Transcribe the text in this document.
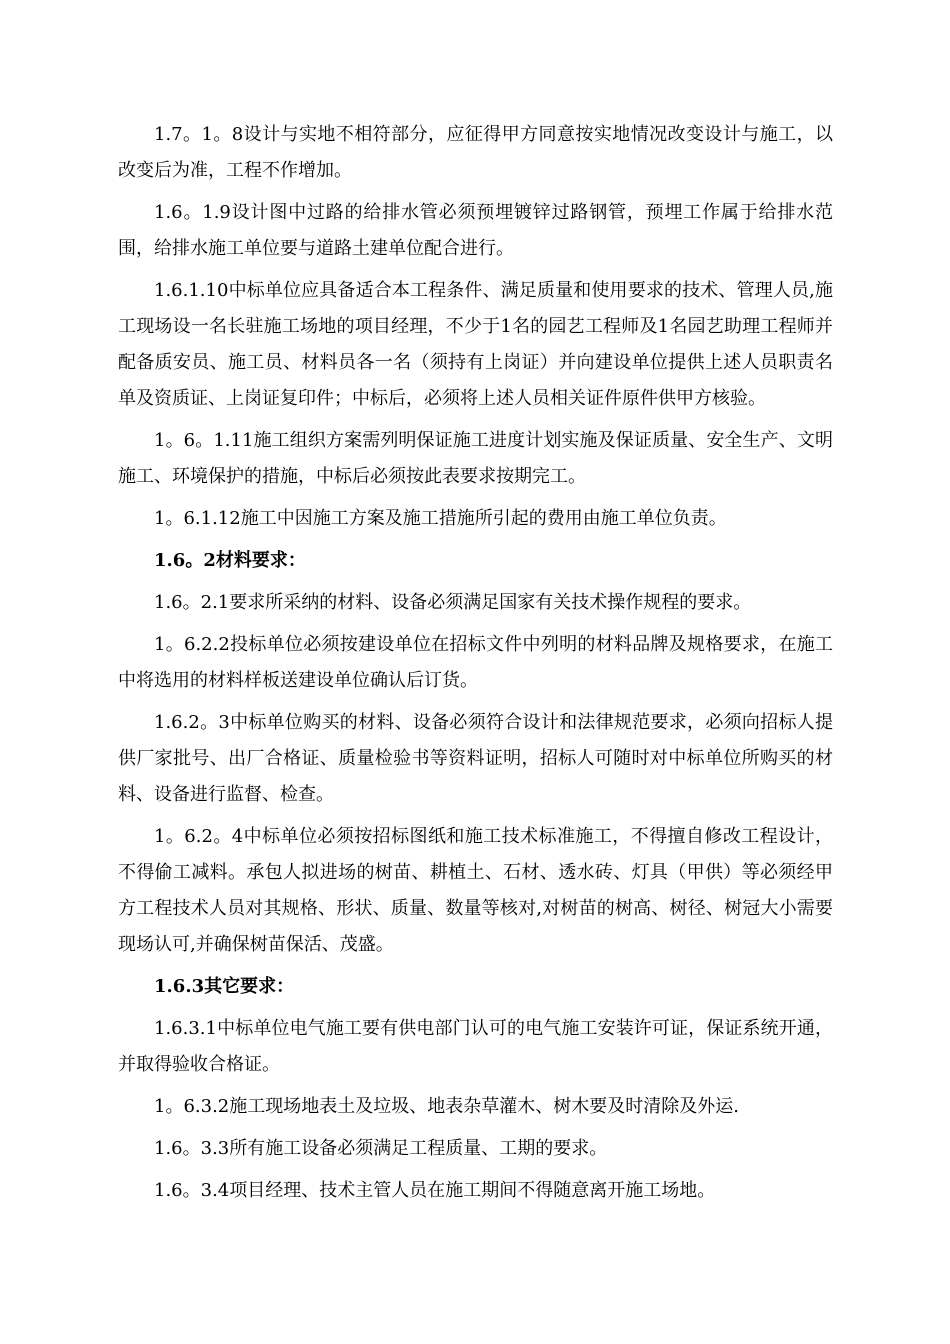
1.7。1。8设计与实地不相符部分，应征得甲方同意按实地情况改变设计与施工，以改变后为准，工程不作增加。

1.6。1.9设计图中过路的给排水管必须预埋镀锌过路钢管，预埋工作属于给排水范围，给排水施工单位要与道路土建单位配合进行。

1.6.1.10中标单位应具备适合本工程条件、满足质量和使用要求的技术、管理人员,施工现场设一名长驻施工场地的项目经理，不少于1名的园艺工程师及1名园艺助理工程师并配备质安员、施工员、材料员各一名（须持有上岗证）并向建设单位提供上述人员职责名单及资质证、上岗证复印件；中标后，必须将上述人员相关证件原件供甲方核验。

1。6。1.11施工组织方案需列明保证施工进度计划实施及保证质量、安全生产、文明施工、环境保护的措施，中标后必须按此表要求按期完工。

1。6.1.12施工中因施工方案及施工措施所引起的费用由施工单位负责。

1.6。2材料要求：

1.6。2.1要求所采纳的材料、设备必须满足国家有关技术操作规程的要求。

1。6.2.2投标单位必须按建设单位在招标文件中列明的材料品牌及规格要求，在施工中将选用的材料样板送建设单位确认后订货。

1.6.2。3中标单位购买的材料、设备必须符合设计和法律规范要求，必须向招标人提供厂家批号、出厂合格证、质量检验书等资料证明，招标人可随时对中标单位所购买的材料、设备进行监督、检查。

1。6.2。4中标单位必须按招标图纸和施工技术标准施工，不得擅自修改工程设计，不得偷工减料。承包人拟进场的树苗、耕植土、石材、透水砖、灯具（甲供）等必须经甲方工程技术人员对其规格、形状、质量、数量等核对,对树苗的树高、树径、树冠大小需要现场认可,并确保树苗保活、茂盛。

1.6.3其它要求：

1.6.3.1中标单位电气施工要有供电部门认可的电气施工安装许可证，保证系统开通，并取得验收合格证。

1。6.3.2施工现场地表土及垃圾、地表杂草灌木、树木要及时清除及外运.

1.6。3.3所有施工设备必须满足工程质量、工期的要求。

1.6。3.4项目经理、技术主管人员在施工期间不得随意离开施工场地。
